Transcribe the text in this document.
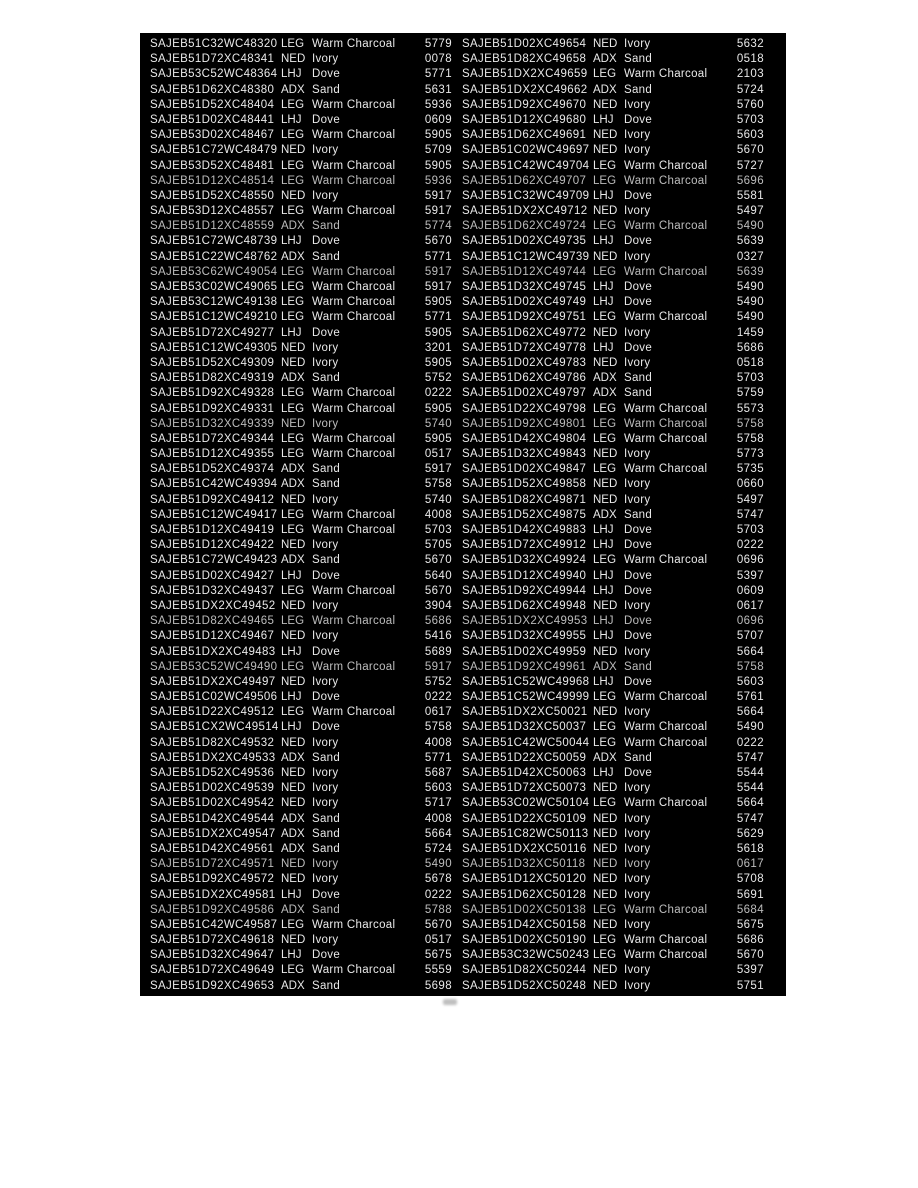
SAJEB51C32WC48320 LEG Warm Charcoal	5779
SAJEB51D72XC48341 NED Ivory	0078
SAJEB53C52WC48364 LHJ Dove	5771
SAJEB51D62XC48380 ADX Sand	5631
SAJEB51D52XC48404 LEG Warm Charcoal	5936
SAJEB51D02XC48441 LHJ Dove	0609
SAJEB53D02XC48467 LEG Warm Charcoal	5905
SAJEB51C72WC48479 NED Ivory	5709
SAJEB53D52XC48481 LEG Warm Charcoal	5905
SAJEB51D12XC48514 LEG Warm Charcoal	5936
SAJEB51D52XC48550 NED Ivory	5917
SAJEB53D12XC48557 LEG Warm Charcoal	5917
SAJEB51D12XC48559 ADX Sand	5774
SAJEB51C72WC48739 LHJ Dove	5670
SAJEB51C22WC48762 ADX Sand	5771
SAJEB53C62WC49054 LEG Warm Charcoal	5917
SAJEB53C02WC49065 LEG Warm Charcoal	5917
SAJEB53C12WC49138 LEG Warm Charcoal	5905
SAJEB51C12WC49210 LEG Warm Charcoal	5771
SAJEB51D72XC49277 LHJ Dove	5905
SAJEB51C12WC49305 NED Ivory	3201
SAJEB51D52XC49309 NED Ivory	5905
SAJEB51D82XC49319 ADX Sand	5752
SAJEB51D92XC49328 LEG Warm Charcoal	0222
SAJEB51D92XC49331 LEG Warm Charcoal	5905
SAJEB51D32XC49339 NED Ivory	5740
SAJEB51D72XC49344 LEG Warm Charcoal	5905
SAJEB51D12XC49355 LEG Warm Charcoal	0517
SAJEB51D52XC49374 ADX Sand	5917
SAJEB51C42WC49394 ADX Sand	5758
SAJEB51D92XC49412 NED Ivory	5740
SAJEB51C12WC49417 LEG Warm Charcoal	4008
SAJEB51D12XC49419 LEG Warm Charcoal	5703
SAJEB51D12XC49422 NED Ivory	5705
SAJEB51C72WC49423 ADX Sand	5670
SAJEB51D02XC49427 LHJ Dove	5640
SAJEB51D32XC49437 LEG Warm Charcoal	5670
SAJEB51DX2XC49452 NED Ivory	3904
SAJEB51D82XC49465 LEG Warm Charcoal	5686
SAJEB51D12XC49467 NED Ivory	5416
SAJEB51DX2XC49483 LHJ Dove	5689
SAJEB53C52WC49490 LEG Warm Charcoal	5917
SAJEB51DX2XC49497 NED Ivory	5752
SAJEB51C02WC49506 LHJ Dove	0222
SAJEB51D22XC49512 LEG Warm Charcoal	0617
SAJEB51CX2WC49514 LHJ Dove	5758
SAJEB51D82XC49532 NED Ivory	4008
SAJEB51DX2XC49533 ADX Sand	5771
SAJEB51D52XC49536 NED Ivory	5687
SAJEB51D02XC49539 NED Ivory	5603
SAJEB51D02XC49542 NED Ivory	5717
SAJEB51D42XC49544 ADX Sand	4008
SAJEB51DX2XC49547 ADX Sand	5664
SAJEB51D42XC49561 ADX Sand	5724
SAJEB51D72XC49571 NED Ivory	5490
SAJEB51D92XC49572 NED Ivory	5678
SAJEB51DX2XC49581 LHJ Dove	0222
SAJEB51D92XC49586 ADX Sand	5788
SAJEB51C42WC49587 LEG Warm Charcoal	5670
SAJEB51D72XC49618 NED Ivory	0517
SAJEB51D32XC49647 LHJ Dove	5675
SAJEB51D72XC49649 LEG Warm Charcoal	5559
SAJEB51D92XC49653 ADX Sand	5698
SAJEB51D02XC49654 NED Ivory	5632
SAJEB51D82XC49658 ADX Sand	0518
SAJEB51DX2XC49659 LEG Warm Charcoal	2103
SAJEB51DX2XC49662 ADX Sand	5724
SAJEB51D92XC49670 NED Ivory	5760
SAJEB51D12XC49680 LHJ Dove	5703
SAJEB51D62XC49691 NED Ivory	5603
SAJEB51C02WC49697 NED Ivory	5670
SAJEB51C42WC49704 LEG Warm Charcoal	5727
SAJEB51D62XC49707 LEG Warm Charcoal	5696
SAJEB51C32WC49709 LHJ Dove	5581
SAJEB51DX2XC49712 NED Ivory	5497
SAJEB51D62XC49724 LEG Warm Charcoal	5490
SAJEB51D02XC49735 LHJ Dove	5639
SAJEB51C12WC49739 NED Ivory	0327
SAJEB51D12XC49744 LEG Warm Charcoal	5639
SAJEB51D32XC49745 LHJ Dove	5490
SAJEB51D02XC49749 LHJ Dove	5490
SAJEB51D92XC49751 LEG Warm Charcoal	5490
SAJEB51D62XC49772 NED Ivory	1459
SAJEB51D72XC49778 LHJ Dove	5686
SAJEB51D02XC49783 NED Ivory	0518
SAJEB51D62XC49786 ADX Sand	5703
SAJEB51D02XC49797 ADX Sand	5759
SAJEB51D22XC49798 LEG Warm Charcoal	5573
SAJEB51D92XC49801 LEG Warm Charcoal	5758
SAJEB51D42XC49804 LEG Warm Charcoal	5758
SAJEB51D32XC49843 NED Ivory	5773
SAJEB51D02XC49847 LEG Warm Charcoal	5735
SAJEB51D52XC49858 NED Ivory	0660
SAJEB51D82XC49871 NED Ivory	5497
SAJEB51D52XC49875 ADX Sand	5747
SAJEB51D42XC49883 LHJ Dove	5703
SAJEB51D72XC49912 LHJ Dove	0222
SAJEB51D32XC49924 LEG Warm Charcoal	0696
SAJEB51D12XC49940 LHJ Dove	5397
SAJEB51D92XC49944 LHJ Dove	0609
SAJEB51D62XC49948 NED Ivory	0617
SAJEB51DX2XC49953 LHJ Dove	0696
SAJEB51D32XC49955 LHJ Dove	5707
SAJEB51D02XC49959 NED Ivory	5664
SAJEB51D92XC49961 ADX Sand	5758
SAJEB51C52WC49968 LHJ Dove	5603
SAJEB51C52WC49999 LEG Warm Charcoal	5761
SAJEB51DX2XC50021 NED Ivory	5664
SAJEB51D32XC50037 LEG Warm Charcoal	5490
SAJEB51C42WC50044 LEG Warm Charcoal	0222
SAJEB51D22XC50059 ADX Sand	5747
SAJEB51D42XC50063 LHJ Dove	5544
SAJEB51D72XC50073 NED Ivory	5544
SAJEB53C02WC50104 LEG Warm Charcoal	5664
SAJEB51D22XC50109 NED Ivory	5747
SAJEB51C82WC50113 NED Ivory	5629
SAJEB51DX2XC50116 NED Ivory	5618
SAJEB51D32XC50118 NED Ivory	0617
SAJEB51D12XC50120 NED Ivory	5708
SAJEB51D62XC50128 NED Ivory	5691
SAJEB51D02XC50138 LEG Warm Charcoal	5684
SAJEB51D42XC50158 NED Ivory	5675
SAJEB51D02XC50190 LEG Warm Charcoal	5686
SAJEB53C32WC50243 LEG Warm Charcoal	5670
SAJEB51D82XC50244 NED Ivory	5397
SAJEB51D52XC50248 NED Ivory	5751
